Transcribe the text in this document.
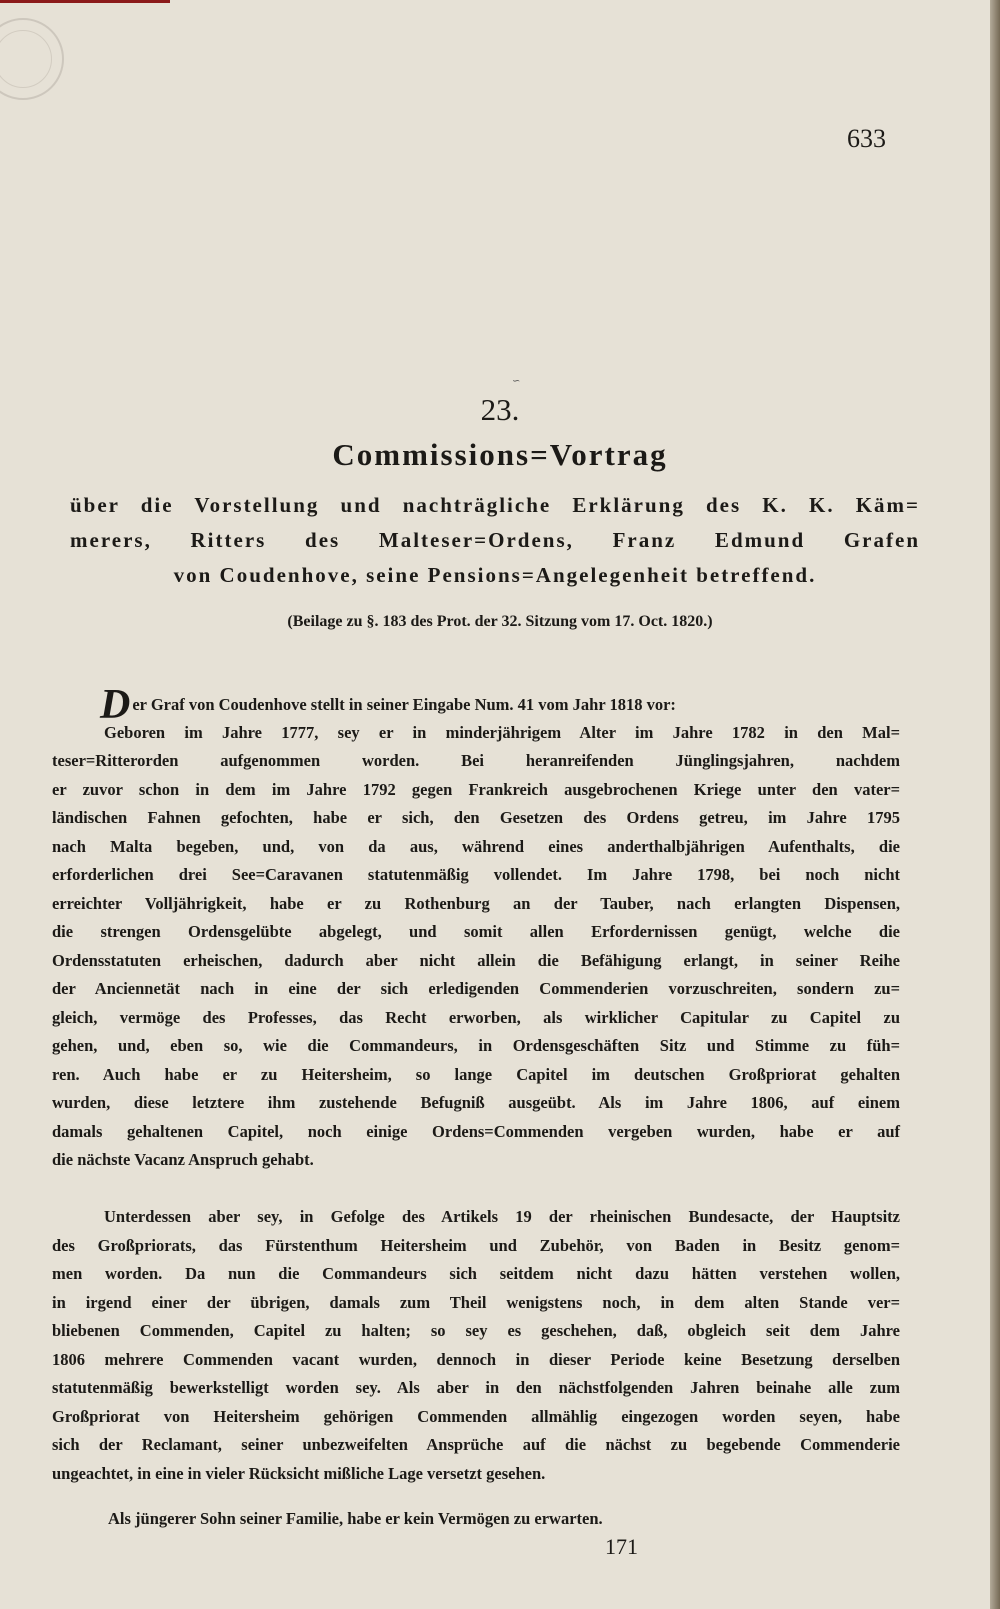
633
∽
23.
Commissions=Vortrag
über die Vorstellung und nachträgliche Erklärung des K. K. Käm=
merers, Ritters des Malteser=Ordens, Franz Edmund Grafen
von Coudenhove, seine Pensions=Angelegenheit betreffend.
(Beilage zu §. 183 des Prot. der 32. Sitzung vom 17. Oct. 1820.)
Der Graf von Coudenhove stellt in seiner Eingabe Num. 41 vom Jahr 1818 vor:
Geboren im Jahre 1777, sey er in minderjährigem Alter im Jahre 1782 in den Mal=
teser=Ritterorden aufgenommen worden. Bei heranreifenden Jünglingsjahren, nachdem
er zuvor schon in dem im Jahre 1792 gegen Frankreich ausgebrochenen Kriege unter den vater=
ländischen Fahnen gefochten, habe er sich, den Gesetzen des Ordens getreu, im Jahre 1795
nach Malta begeben, und, von da aus, während eines anderthalbjährigen Aufenthalts, die
erforderlichen drei See=Caravanen statutenmäßig vollendet. Im Jahre 1798, bei noch nicht
erreichter Volljährigkeit, habe er zu Rothenburg an der Tauber, nach erlangten Dispensen,
die strengen Ordensgelübte abgelegt, und somit allen Erfordernissen genügt, welche die
Ordensstatuten erheischen, dadurch aber nicht allein die Befähigung erlangt, in seiner Reihe
der Anciennetät nach in eine der sich erledigenden Commenderien vorzuschreiten, sondern zu=
gleich, vermöge des Professes, das Recht erworben, als wirklicher Capitular zu Capitel zu
gehen, und, eben so, wie die Commandeurs, in Ordensgeschäften Sitz und Stimme zu füh=
ren. Auch habe er zu Heitersheim, so lange Capitel im deutschen Großpriorat gehalten
wurden, diese letztere ihm zustehende Befugniß ausgeübt. Als im Jahre 1806, auf einem
damals gehaltenen Capitel, noch einige Ordens=Commenden vergeben wurden, habe er auf
die nächste Vacanz Anspruch gehabt.
Unterdessen aber sey, in Gefolge des Artikels 19 der rheinischen Bundesacte, der Hauptsitz
des Großpriorats, das Fürstenthum Heitersheim und Zubehör, von Baden in Besitz genom=
men worden. Da nun die Commandeurs sich seitdem nicht dazu hätten verstehen wollen,
in irgend einer der übrigen, damals zum Theil wenigstens noch, in dem alten Stande ver=
bliebenen Commenden, Capitel zu halten; so sey es geschehen, daß, obgleich seit dem Jahre
1806 mehrere Commenden vacant wurden, dennoch in dieser Periode keine Besetzung derselben
statutenmäßig bewerkstelligt worden sey. Als aber in den nächstfolgenden Jahren beinahe alle zum
Großpriorat von Heitersheim gehörigen Commenden allmählig eingezogen worden seyen, habe
sich der Reclamant, seiner unbezweifelten Ansprüche auf die nächst zu begebende Commenderie
ungeachtet, in eine in vieler Rücksicht mißliche Lage versetzt gesehen.
Als jüngerer Sohn seiner Familie, habe er kein Vermögen zu erwarten.
171
